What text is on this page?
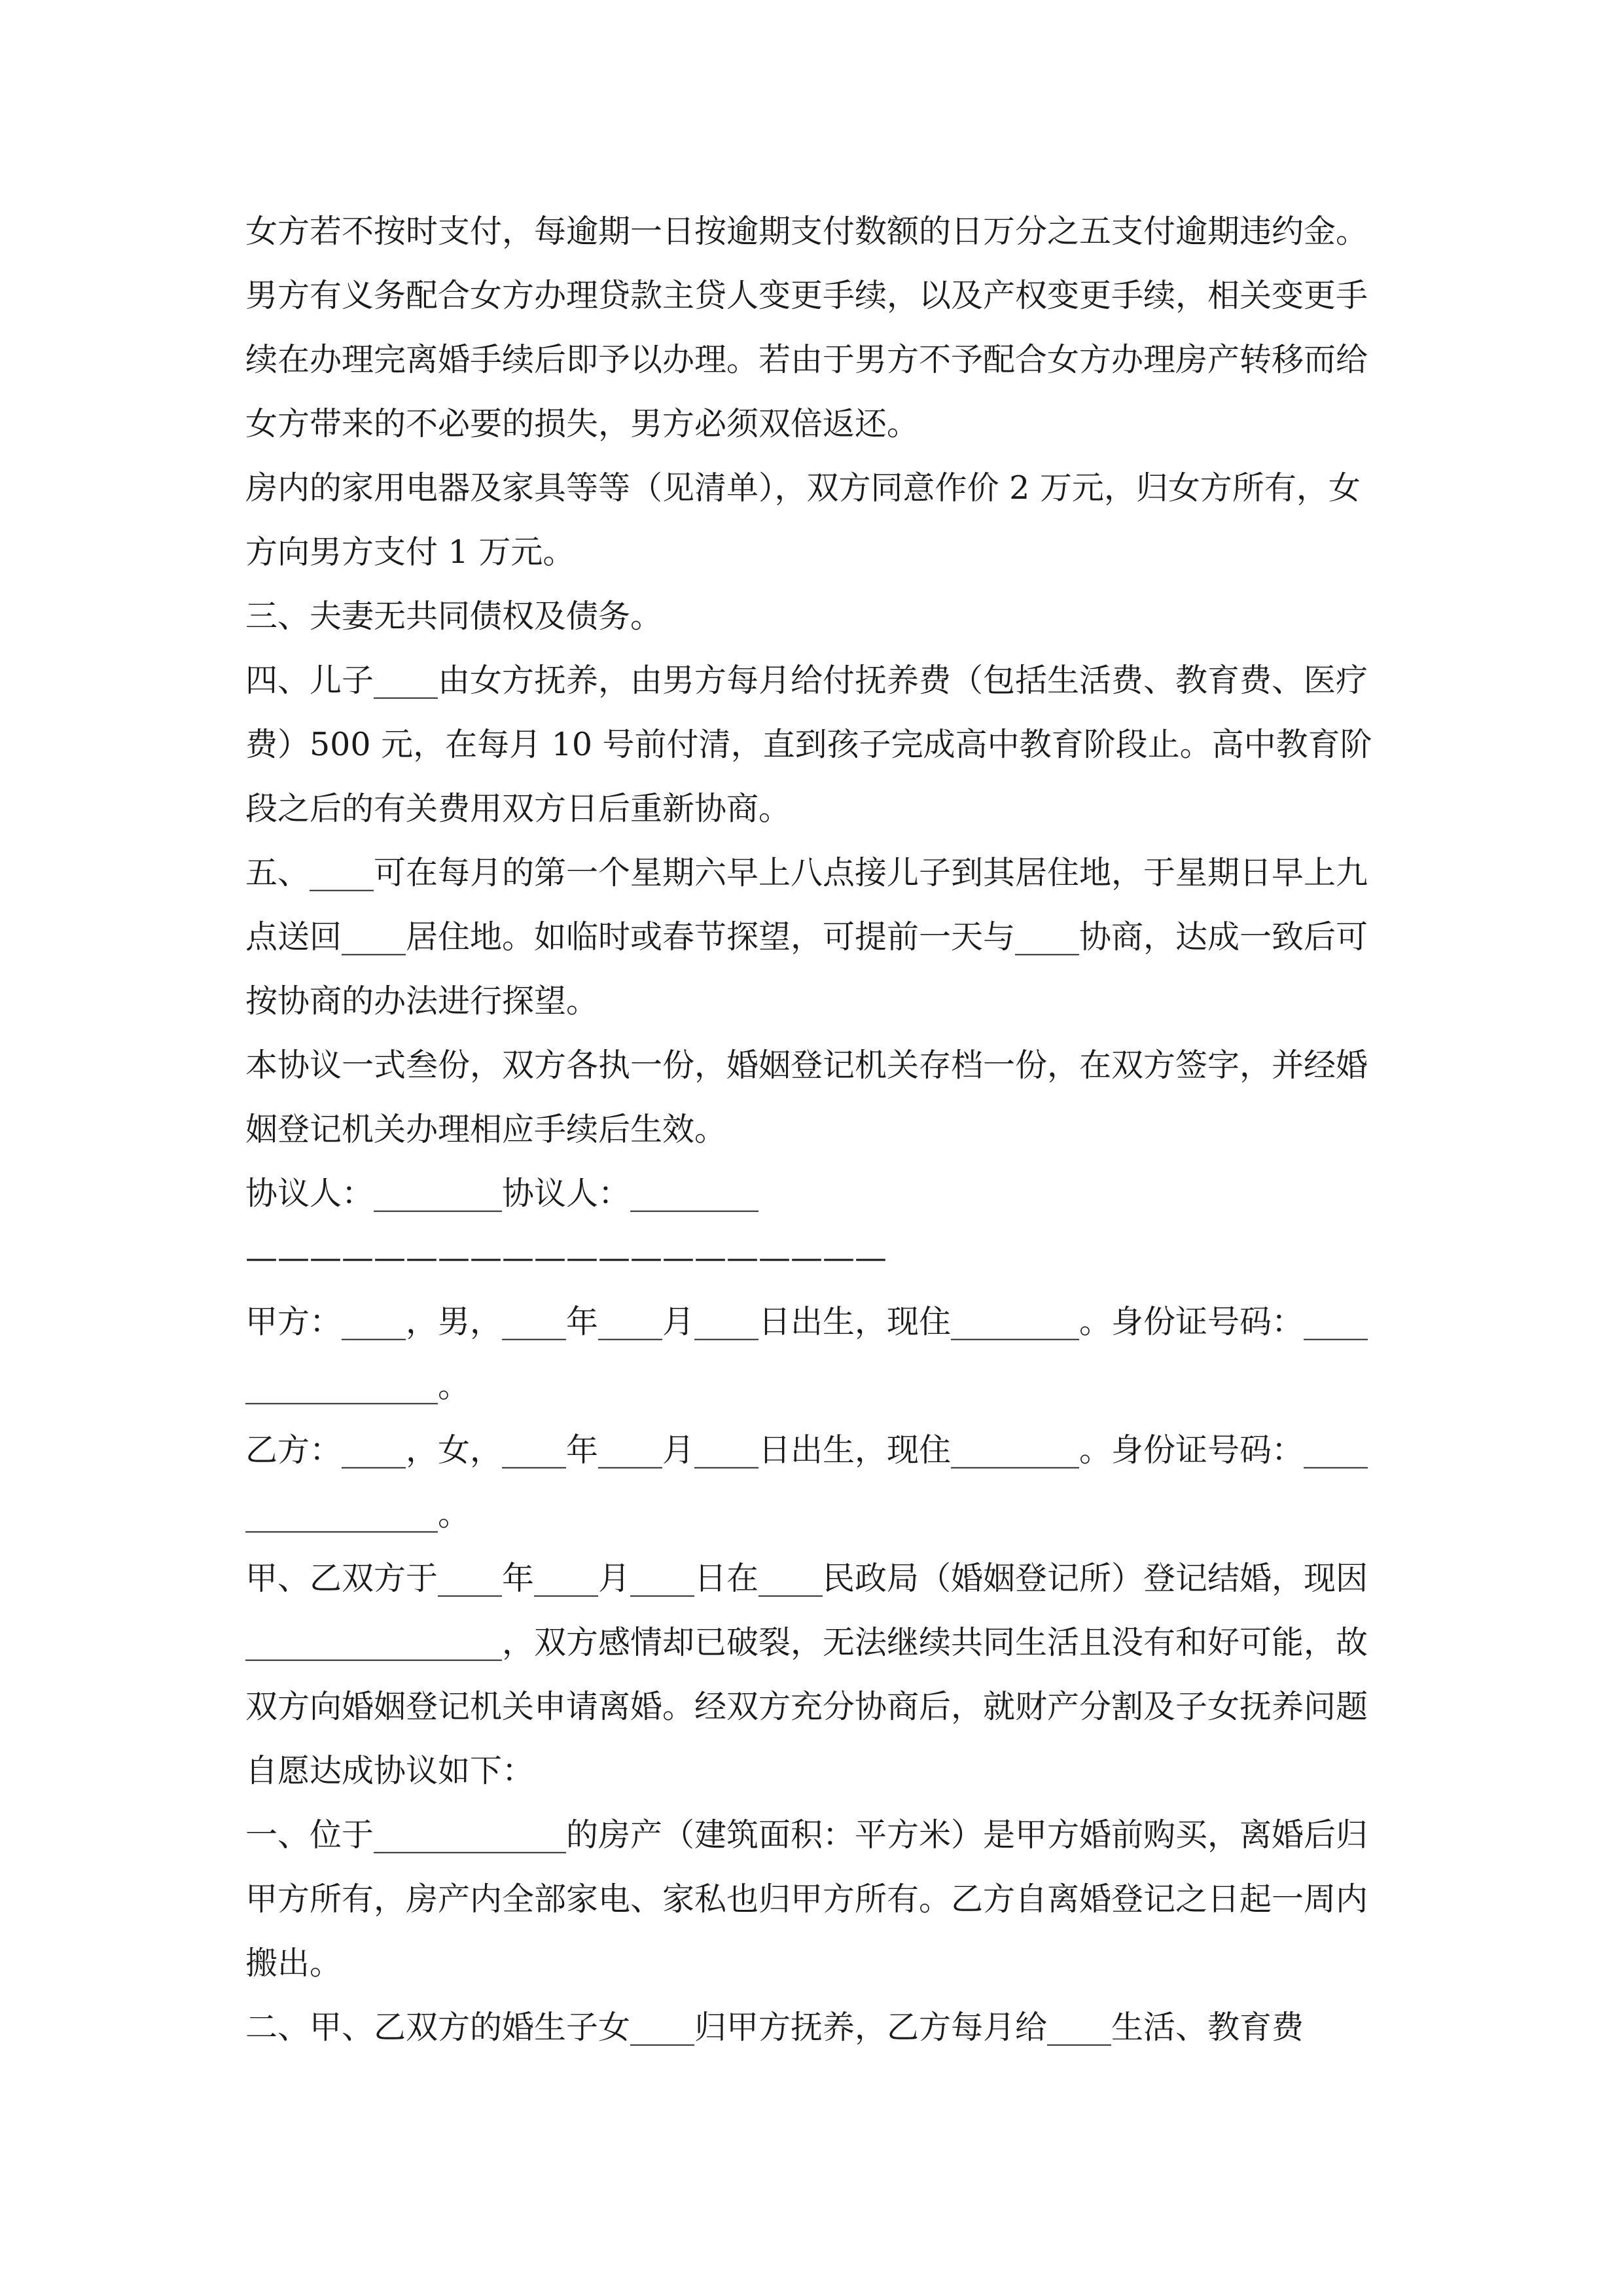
女方若不按时支付，每逾期一日按逾期支付数额的日万分之五支付逾期违约金。

男方有义务配合女方办理贷款主贷人变更手续，以及产权变更手续，相关变更手续在办理完离婚手续后即予以办理。若由于男方不予配合女方办理房产转移而给女方带来的不必要的损失，男方必须双倍返还。

房内的家用电器及家具等等（见清单），双方同意作价 2 万元，归女方所有，女方向男方支付 1 万元。

三、夫妻无共同债权及债务。

四、儿子____由女方抚养，由男方每月给付抚养费（包括生活费、教育费、医疗费）500 元，在每月 10 号前付清，直到孩子完成高中教育阶段止。高中教育阶段之后的有关费用双方日后重新协商。

五、____可在每月的第一个星期六早上八点接儿子到其居住地，于星期日早上九点送回____居住地。如临时或春节探望，可提前一天与____协商，达成一致后可按协商的办法进行探望。

本协议一式叁份，双方各执一份，婚姻登记机关存档一份，在双方签字，并经婚姻登记机关办理相应手续后生效。

协议人：________协议人：________

————————————————————

甲方：____，男，____年____月____日出生，现住________。身份证号码：________________。

乙方：____，女，____年____月____日出生，现住________。身份证号码：________________。

甲、乙双方于____年____月____日在____民政局（婚姻登记所）登记结婚，现因________________，双方感情却已破裂，无法继续共同生活且没有和好可能，故双方向婚姻登记机关申请离婚。经双方充分协商后，就财产分割及子女抚养问题自愿达成协议如下：

一、位于____________的房产（建筑面积：平方米）是甲方婚前购买，离婚后归甲方所有，房产内全部家电、家私也归甲方所有。乙方自离婚登记之日起一周内搬出。

二、甲、乙双方的婚生子女____归甲方抚养，乙方每月给____生活、教育费
